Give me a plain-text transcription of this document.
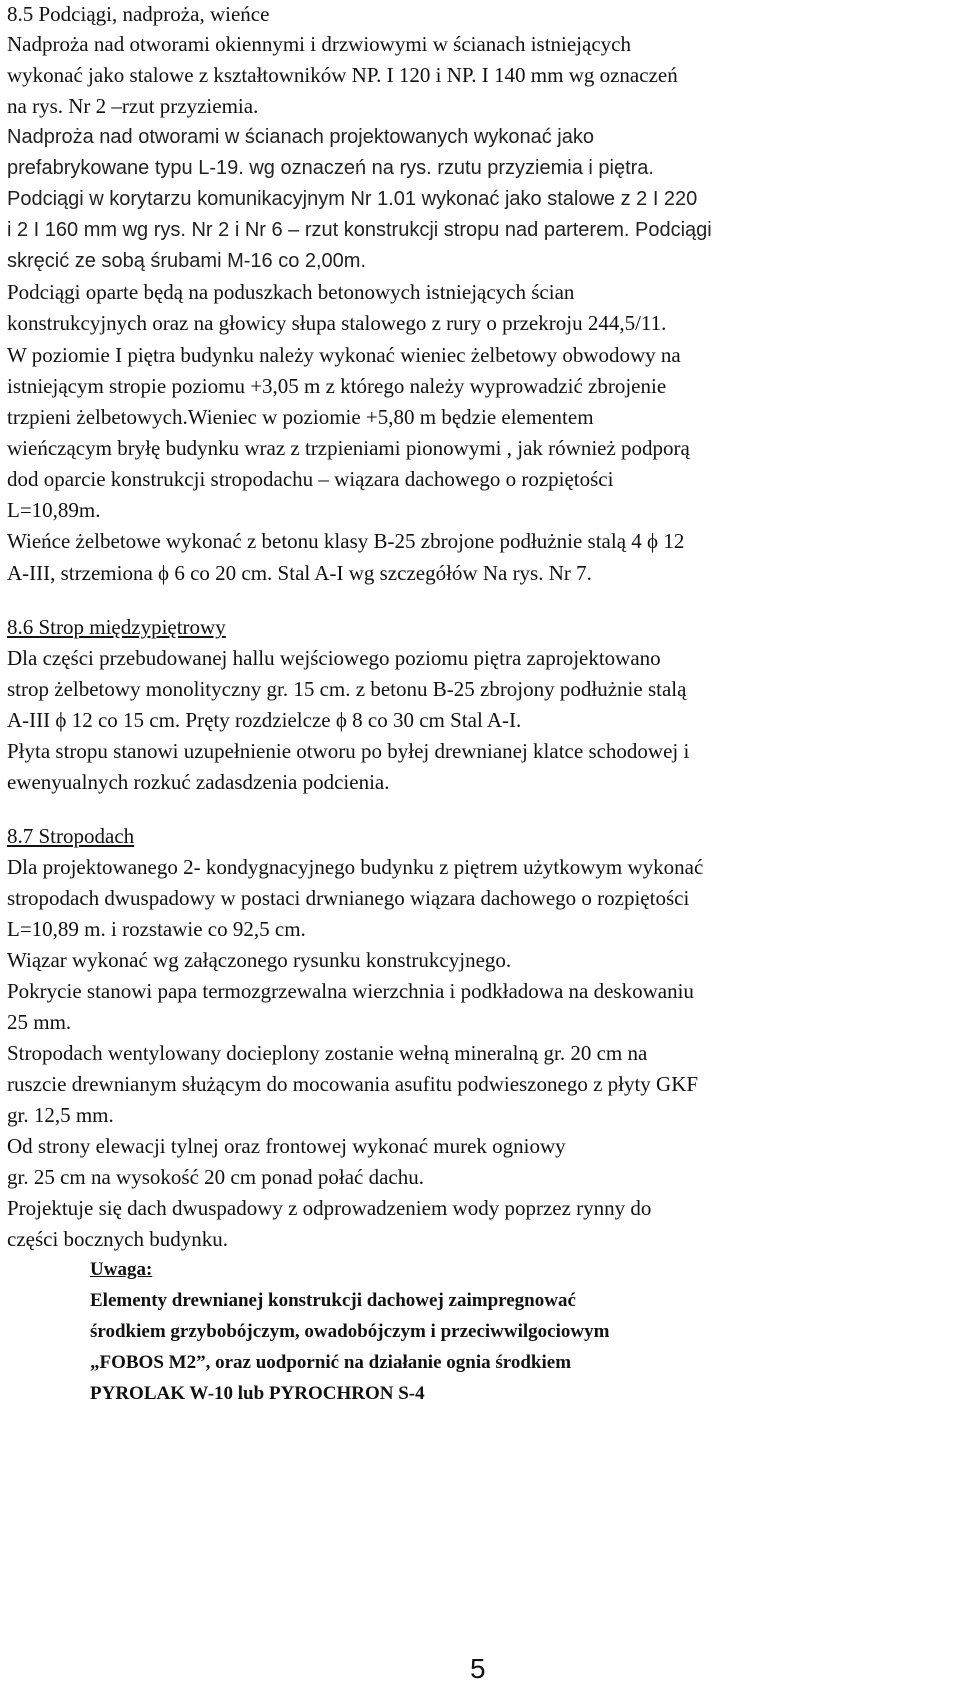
8.5 Podciągi, nadproża, wieńce
Nadproża nad otworami okiennymi i drzwiowymi w ścianach istniejących
wykonać jako stalowe z kształtowników NP. I 120 i NP. I 140 mm wg oznaczeń
na rys. Nr 2 –rzut przyziemia.
Nadproża nad otworami w ścianach projektowanych wykonać jako
prefabrykowane typu L-19. wg oznaczeń na rys. rzutu przyziemia i piętra.
Podciągi w korytarzu komunikacyjnym Nr 1.01 wykonać jako stalowe z 2 I 220
i 2 I 160 mm wg rys. Nr 2 i Nr 6 – rzut konstrukcji stropu nad parterem. Podciągi
skręcić ze sobą śrubami M-16 co 2,00m.
Podciągi oparte będą na poduszkach betonowych istniejących ścian
konstrukcyjnych oraz na głowicy słupa stalowego z rury o przekroju 244,5/11.
W poziomie I piętra budynku należy wykonać wieniec żelbetowy obwodowy na
istniejącym stropie poziomu +3,05 m z którego należy wyprowadzić zbrojenie
trzpieni żelbetowych.Wieniec w poziomie +5,80 m będzie elementem
wieńczącym bryłę budynku wraz z trzpieniami pionowymi , jak również podporą
dod oparcie konstrukcji stropodachu – wiązara dachowego o rozpiętości
L=10,89m.
Wieńce żelbetowe wykonać z betonu klasy B-25 zbrojone podłużnie stalą 4 ϕ 12
A-III, strzemiona ϕ 6 co 20 cm. Stal A-I wg szczegółów Na rys. Nr 7.
8.6 Strop międzypiętrowy
Dla części przebudowanej hallu wejściowego poziomu piętra zaprojektowano
strop żelbetowy monolityczny gr. 15 cm. z betonu B-25 zbrojony podłużnie stalą
A-III ϕ 12 co 15 cm. Pręty rozdzielcze ϕ 8 co 30 cm Stal A-I.
Płyta stropu stanowi uzupełnienie otworu po byłej drewnianej klatce schodowej i
ewenyualnych rozkuć zadasdzenia podcienia.
8.7 Stropodach
Dla projektowanego 2- kondygnacyjnego budynku z piętrem użytkowym wykonać
stropodach dwuspadowy w postaci drwnianego wiązara dachowego o rozpiętości
L=10,89 m. i rozstawie co 92,5 cm.
Wiązar wykonać wg załączonego rysunku konstrukcyjnego.
Pokrycie stanowi papa termozgrzewalna wierzchnia i podkładowa na deskowaniu
25 mm.
Stropodach wentylowany docieplony zostanie wełną mineralną gr. 20 cm na
ruszcie drewnianym służącym do mocowania asufitu podwieszonego z płyty GKF
gr. 12,5 mm.
Od strony elewacji tylnej oraz frontowej wykonać murek ogniowy
gr. 25 cm na wysokość 20 cm ponad połać dachu.
Projektuje się dach dwuspadowy z odprowadzeniem wody poprzez rynny do
części bocznych budynku.
Uwaga:
Elementy drewnianej konstrukcji dachowej zaimpregnować
środkiem grzybobójczym, owadobójczym i przeciwwilgociowym
„FOBOS M2”, oraz uodpornić na działanie ognia środkiem
PYROLAK W-10 lub PYROCHRON S-4
5
